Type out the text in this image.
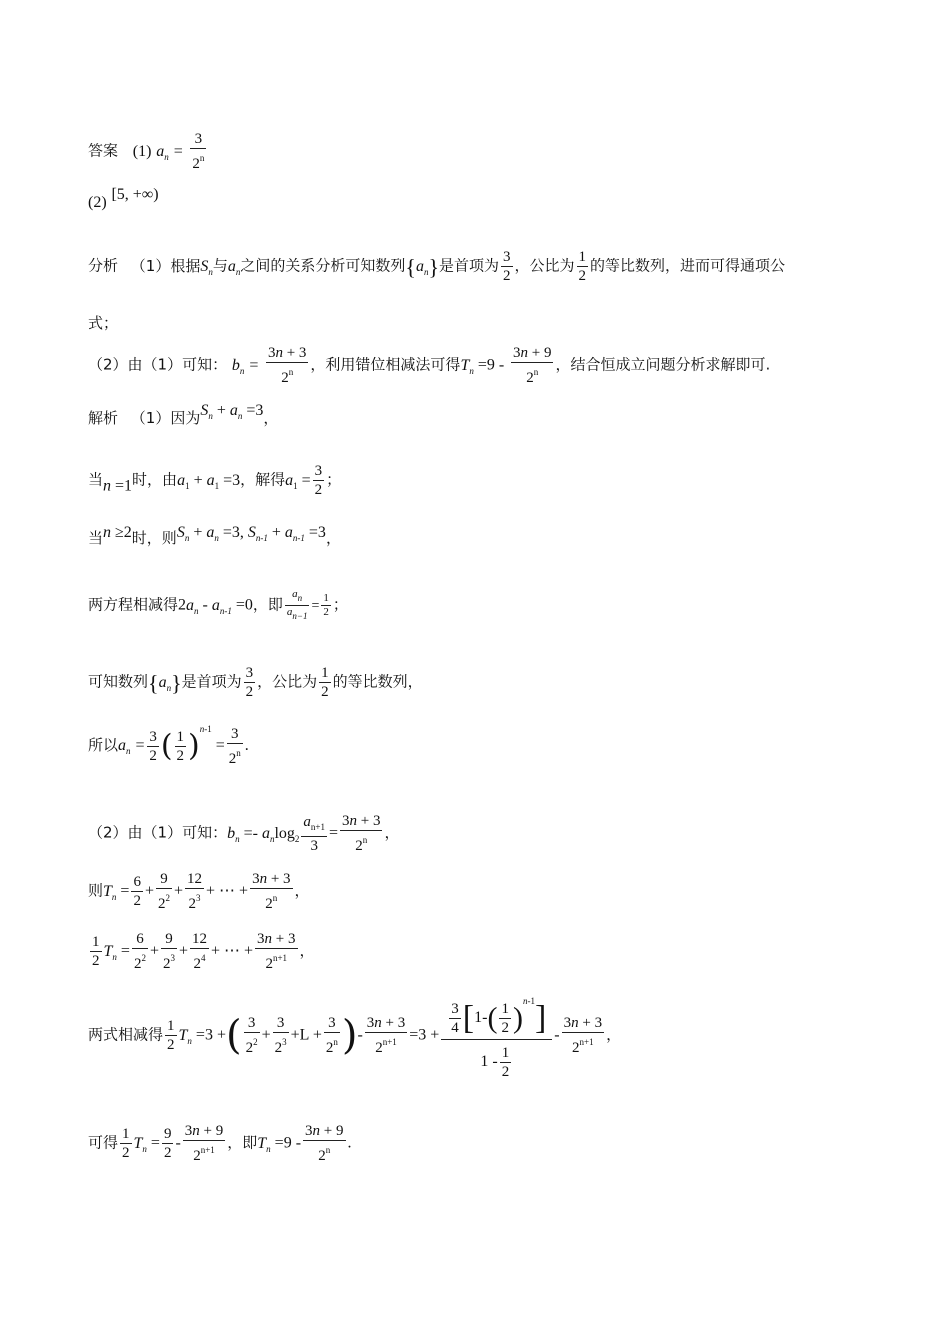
答案 (1) $a_n = \frac{3}{2^n}$
(2) [5, +∞)
分析 （1）根据$S_n$与$a_n$之间的关系分析可知数列$\{a_n\}$是首项为 $\frac{3}{2}$ ，公比为 $\frac{1}{2}$ 的等比数列，进而可得通项公
式；
（2）由（1）可知： $b_n = \frac{3n + 3}{2^n}$ ，利用错位相减法可得$T_n =9 - \frac{3n + 9}{2^n}$ ，结合恒成立问题分析求解即可.
解析 （1）因为$S_n + a_n =3$，
当n =1时，由$a_1 + a_1 =3$，解得$a_1 = \frac{3}{2}$ ；
当n ≥2时，则$S_n + a_n =3$, $S_{n-1} + a_{n-1} =3$，
两方程相减得$2a_n - a_{n-1} =0$，即 $\frac{a_n}{a_{n-1}} = \frac{1}{2}$ ；
可知数列$\{a_n\}$是首项为 $\frac{3}{2}$ ，公比为 $\frac{1}{2}$ 的等比数列，
所以$a_n = \frac{3}{2}$ ( $\frac{1}{2} )^{n-1}= \frac{3}{2^n}$ .
（2）由（1）可知：$b_n =- a_n\log_2 \frac{a_{n+1}}{3} = \frac{3n + 3}{2^n}$ ，
则$T_n = \frac{6}{2} + \frac{9}{2^2} + \frac{12}{2^3}$ + ⋯ + $\frac{3n + 3}{2^n}$ ，
$\frac{1}{2} T_n = \frac{6}{2^2} + \frac{9}{2^3} + \frac{12}{2^4}$ + ⋯ + $\frac{3n + 3}{2^{n+1}}$ ，
两式相减得 $\frac{1}{2} T_n =3$ +( $\frac{3}{2^2} + \frac{3}{2^3} +L + \frac{3}{2^n}$ )- $\frac{3n + 3}{2^{n+1}} =3 + \frac{\frac{3}{4} [1-( \frac{1}{2} )^{n-1}]}{1 - \frac{1}{2}} - \frac{3n + 3}{2^{n+1}}$ ，
可得 $\frac{1}{2} T_n = \frac{9}{2} - \frac{3n + 9}{2^{n+1}}$ ，即$T_n =9 - \frac{3n + 9}{2^n}$ .
